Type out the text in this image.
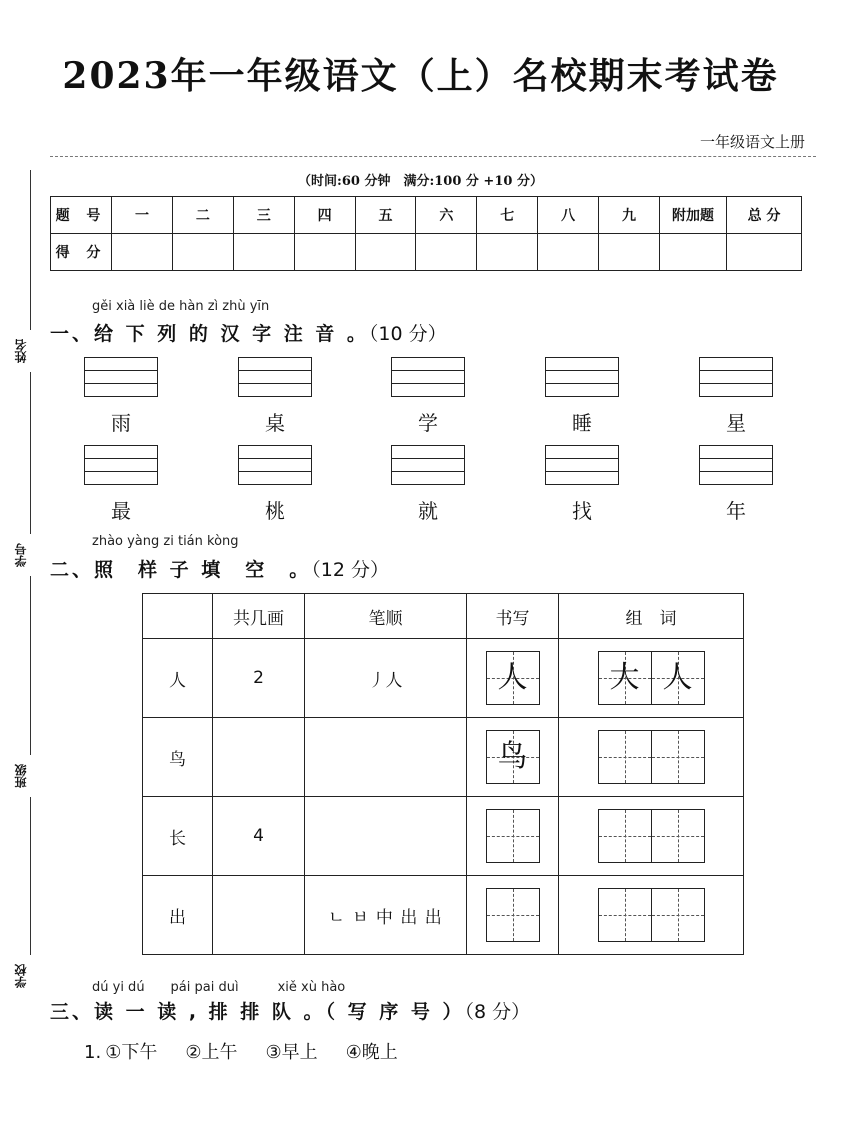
2023年一年级语文（上）名校期末考试卷
一年级语文上册
（时间:60 分钟　满分:100 分 +10 分）
题 号	一	二	三	四	五	六	七	八	九	附加题	总 分
得 分											
姓名
学号
班级
学校
gěi xià liè de hàn zì zhù yīn
一、给 下 列 的 汉 字 注 音 。（10 分）
雨	桌	学	睡	星
最	桃	就	找	年
zhào yàng zi tián kòng
二、照　样 子 填　空　。（12 分）
	共几画	笔顺	书写	组　词
人	2	丿人	人	大 人
鸟			鸟	
长	4			
出		ㄴ ㅂ 中 出 出		
dú yi dú　　pái pai duì　　　xiě xù hào
三、读 一 读 , 排 排 队 。（ 写 序 号 ）（8 分）
1. ①下午 ②上午 ③早上 ④晚上
